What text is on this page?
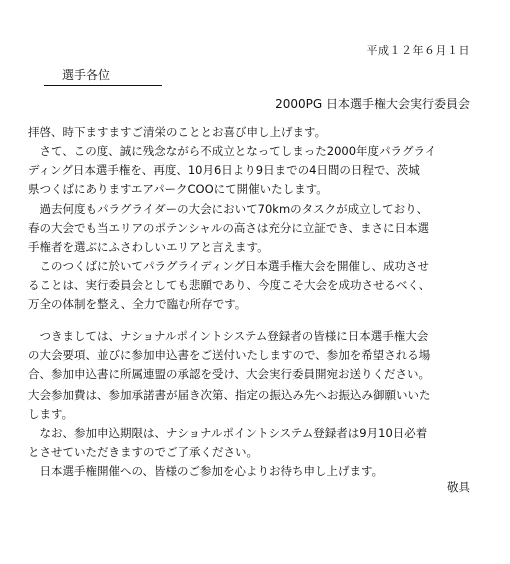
平成１２年６月１日
選手各位
2000PG 日本選手権大会実行委員会

拝啓、時下ますますご清栄のこととお喜び申し上げます。

　さて、この度、誠に残念ながら不成立となってしまった2000年度パラグライ
ディング日本選手権を、再度、10月6日より9日までの4日間の日程で、茨城
県つくばにありますエアパークCOOにて開催いたします。

　過去何度もパラグライダーの大会において70kmのタスクが成立しており、
春の大会でも当エリアのポテンシャルの高さは充分に立証でき、まさに日本選
手権者を選ぶにふさわしいエリアと言えます。

　このつくばに於いてパラグライディング日本選手権大会を開催し、成功させ
ることは、実行委員会としても悲願であり、今度こそ大会を成功させるべく、
万全の体制を整え、全力で臨む所存です。

　つきましては、ナショナルポイントシステム登録者の皆様に日本選手権大会
の大会要項、並びに参加申込書をご送付いたしますので、参加を希望される場
合、参加申込書に所属連盟の承認を受け、大会実行委員開宛お送りください。

大会参加費は、参加承諾書が届き次第、指定の振込み先へお振込み御願いいた
します。

　なお、参加申込期限は、ナショナルポイントシステム登録者は9月10日必着
とさせていただきますのでご了承ください。

　日本選手権開催への、皆様のご参加を心よりお待ち申し上げます。

敬具
